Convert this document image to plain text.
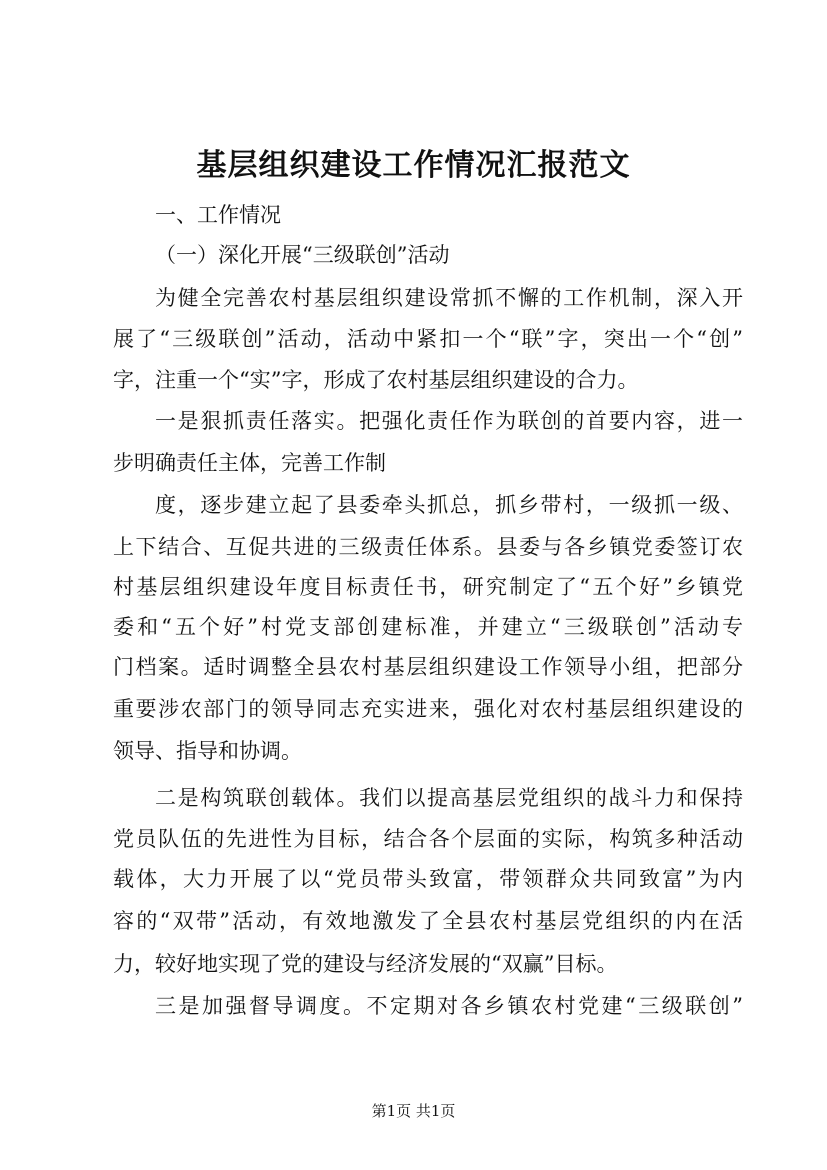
基层组织建设工作情况汇报范文
一、工作情况
（一）深化开展“三级联创”活动
为健全完善农村基层组织建设常抓不懈的工作机制，深入开
展了“三级联创”活动，活动中紧扣一个“联”字，突出一个“创”
字，注重一个“实”字，形成了农村基层组织建设的合力。
一是狠抓责任落实。把强化责任作为联创的首要内容，进一
步明确责任主体，完善工作制
度，逐步建立起了县委牵头抓总，抓乡带村，一级抓一级、
上下结合、互促共进的三级责任体系。县委与各乡镇党委签订农
村基层组织建设年度目标责任书，研究制定了“五个好”乡镇党
委和“五个好”村党支部创建标准，并建立“三级联创”活动专
门档案。适时调整全县农村基层组织建设工作领导小组，把部分
重要涉农部门的领导同志充实进来，强化对农村基层组织建设的
领导、指导和协调。
二是构筑联创载体。我们以提高基层党组织的战斗力和保持
党员队伍的先进性为目标，结合各个层面的实际，构筑多种活动
载体，大力开展了以“党员带头致富，带领群众共同致富”为内
容的“双带”活动，有效地激发了全县农村基层党组织的内在活
力，较好地实现了党的建设与经济发展的“双赢”目标。
三是加强督导调度。不定期对各乡镇农村党建“三级联创”
第1页 共1页
